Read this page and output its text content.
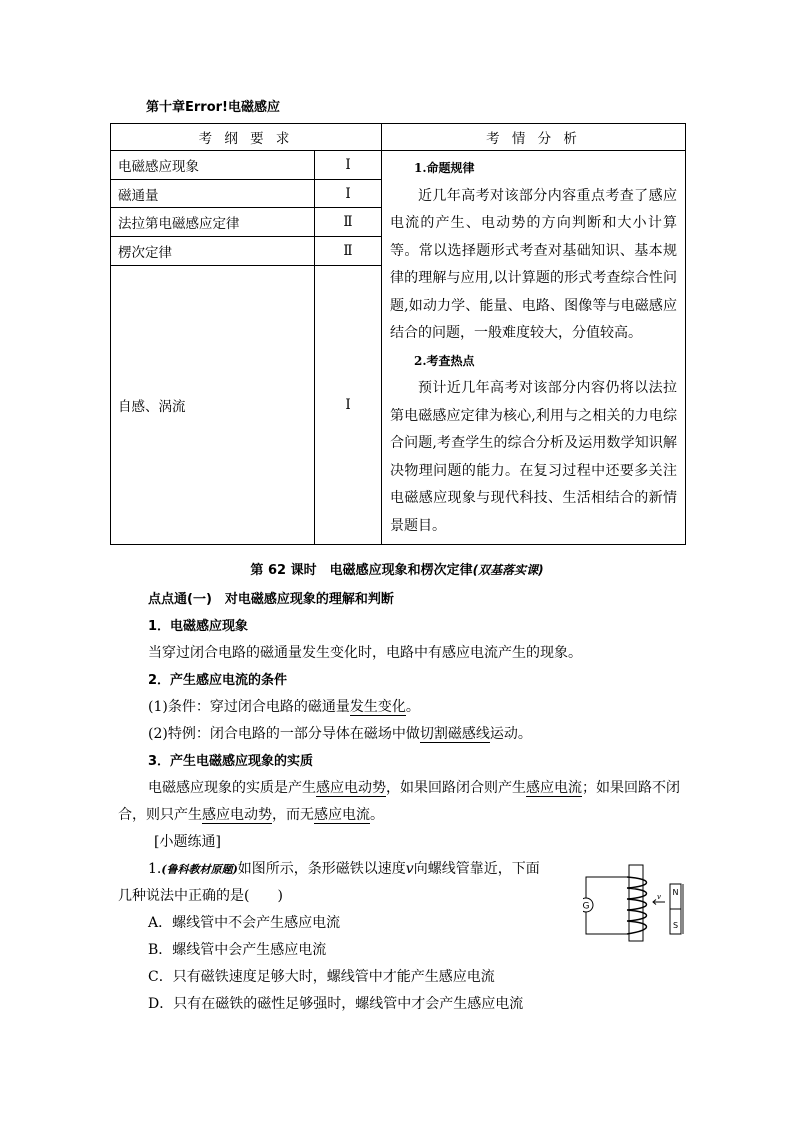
第十章Error!电磁感应
考 纲 要 求		考 情 分 析
电磁感应现象	Ⅰ	1.命题规律

近几年高考对该部分内容重点考查了感应电流的产生、电动势的方向判断和大小计算等。常以选择题形式考查对基础知识、基本规律的理解与应用,以计算题的形式考查综合性问题,如动力学、能量、电路、图像等与电磁感应结合的问题，一般难度较大，分值较高。

2.考查热点

预计近几年高考对该部分内容仍将以法拉第电磁感应定律为核心,利用与之相关的力电综合问题,考查学生的综合分析及运用数学知识解决物理问题的能力。在复习过程中还要多关注电磁感应现象与现代科技、生活相结合的新情景题目。

磁通量	Ⅰ	
法拉第电磁感应定律	Ⅱ	
楞次定律	Ⅱ	
自感、涡流	Ⅰ	
第 62 课时　电磁感应现象和楞次定律(双基落实课)

点点通(一)　对电磁感应现象的理解和判断

1．电磁感应现象

当穿过闭合电路的磁通量发生变化时，电路中有感应电流产生的现象。

2．产生感应电流的条件

(1)条件：穿过闭合电路的磁通量发生变化。

(2)特例：闭合电路的一部分导体在磁场中做切割磁感线运动。

3．产生电磁感应现象的实质

电磁感应现象的实质是产生感应电动势，如果回路闭合则产生感应电流；如果回路不闭合，则只产生感应电动势，而无感应电流。

[小题练通]

1.(鲁科教材原题)如图所示，条形磁铁以速度v向螺线管靠近，下面

几种说法中正确的是(　　)

A．螺线管中不会产生感应电流

B．螺线管中会产生感应电流

C．只有磁铁速度足够大时，螺线管中才能产生感应电流

D．只有在磁铁的磁性足够强时，螺线管中才会产生感应电流

G
v N
S
